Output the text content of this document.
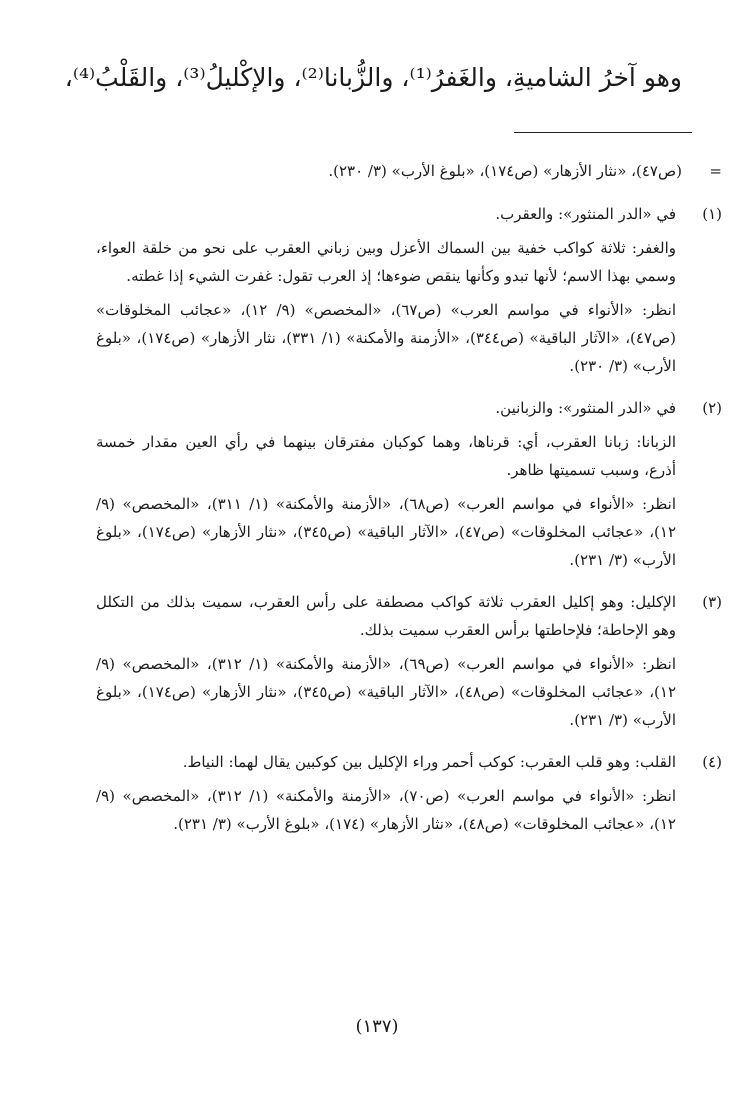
وهو آخرُ الشاميةِ، والغَفرُ⁽¹⁾، والزُّبانا⁽²⁾، والإكْليلُ⁽³⁾، والقَلْبُ⁽⁴⁾،
=
(ص٤٧)، «نثار الأزهار» (ص١٧٤)، «بلوغ الأرب» (٣/ ٢٣٠).
(١)

في «الدر المنثور»: والعقرب.

والغفر: ثلاثة كواكب خفية بين السماك الأعزل وبين زباني العقرب على نحو من خلقة العواء، وسمي بهذا الاسم؛ لأنها تبدو وكأنها ينقص ضوءها؛ إذ العرب تقول: غفرت الشيء إذا غطته.

انظر: «الأنواء في مواسم العرب» (ص٦٧)، «المخصص» (٩/ ١٢)، «عجائب المخلوقات» (ص٤٧)، «الآثار الباقية» (ص٣٤٤)، «الأزمنة والأمكنة» (١/ ٣٣١)، نثار الأزهار» (ص١٧٤)، «بلوغ الأرب» (٣/ ٢٣٠).

(٢)

في «الدر المنثور»: والزبانين.

الزبانا: زبانا العقرب، أي: قرناها، وهما كوكبان مفترقان بينهما في رأي العين مقدار خمسة أذرع، وسبب تسميتها ظاهر.

انظر: «الأنواء في مواسم العرب» (ص٦٨)، «الأزمنة والأمكنة» (١/ ٣١١)، «المخصص» (٩/ ١٢)، «عجائب المخلوقات» (ص٤٧)، «الآثار الباقية» (ص٣٤٥)، «نثار الأزهار» (ص١٧٤)، «بلوغ الأرب» (٣/ ٢٣١).

(٣)

الإكليل: وهو إكليل العقرب ثلاثة كواكب مصطفة على رأس العقرب، سميت بذلك من التكلل وهو الإحاطة؛ فلإحاطتها برأس العقرب سميت بذلك.

انظر: «الأنواء في مواسم العرب» (ص٦٩)، «الأزمنة والأمكنة» (١/ ٣١٢)، «المخصص» (٩/ ١٢)، «عجائب المخلوقات» (ص٤٨)، «الآثار الباقية» (ص٣٤٥)، «نثار الأزهار» (ص١٧٤)، «بلوغ الأرب» (٣/ ٢٣١).

(٤)

القلب: وهو قلب العقرب: كوكب أحمر وراء الإكليل بين كوكبين يقال لهما: النياط.

انظر: «الأنواء في مواسم العرب» (ص٧٠)، «الأزمنة والأمكنة» (١/ ٣١٢)، «المخصص» (٩/ ١٢)، «عجائب المخلوقات» (ص٤٨)، «نثار الأزهار» (١٧٤)، «بلوغ الأرب» (٣/ ٢٣١).

(١٣٧)
